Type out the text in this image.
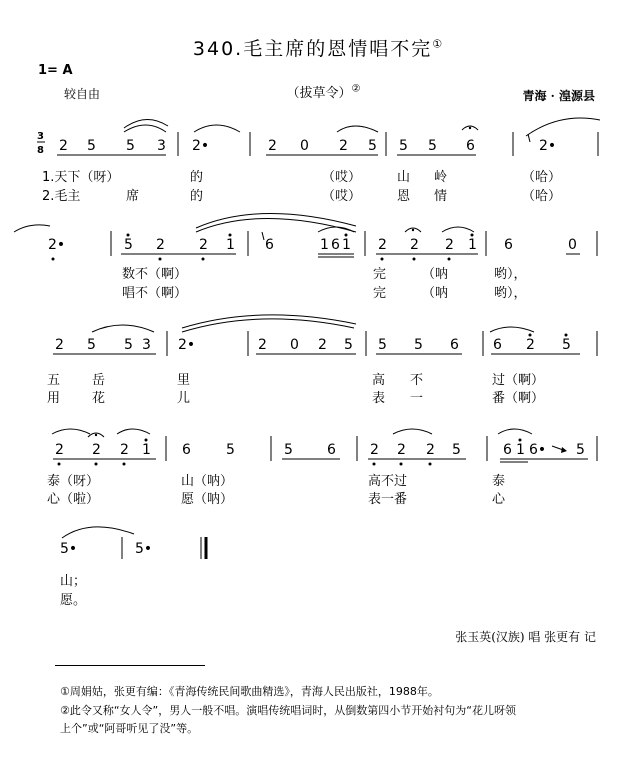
340.毛主席的恩情唱不完①
1= A
较自由	（拔草令）②	青海 · 湟源县
3
8 2 5 5 3 2•	2 0 2 5 5 5 6	2•
1.天下（呀）	的	（哎）	山 岭	（哈）
2.毛主	席	的	（哎）	恩 情	（哈）
2•	5 2 2 1 6	1 6 1 2 2 2 1 6	0
数不（啊）	完	（呐	哟），
唱不（啊）	完	（呐	哟），
2 5 5 3 2•	2 0 2 5 5 5 6 6 2 5
五 岳	里	高 不	过（啊）
用 花	儿	表 一	番（啊）
2 2 2 1 6	5	5 6 2 2 2 5	6 1 6• 5
泰（呀）	山（呐）	高不过	泰
心（啦）	愿（呐）	表一番	心
5•	5•
山；
愿。
张玉英(汉族) 唱 张更有 记
①周娟姑，张更有编：《青海传统民间歌曲精选》，青海人民出版社，1988年。
②此令又称“女人令”，男人一般不唱。演唱传统唱词时，从倒数第四小节开始衬句为“花儿呀领
上个”或“阿哥听见了没”等。
